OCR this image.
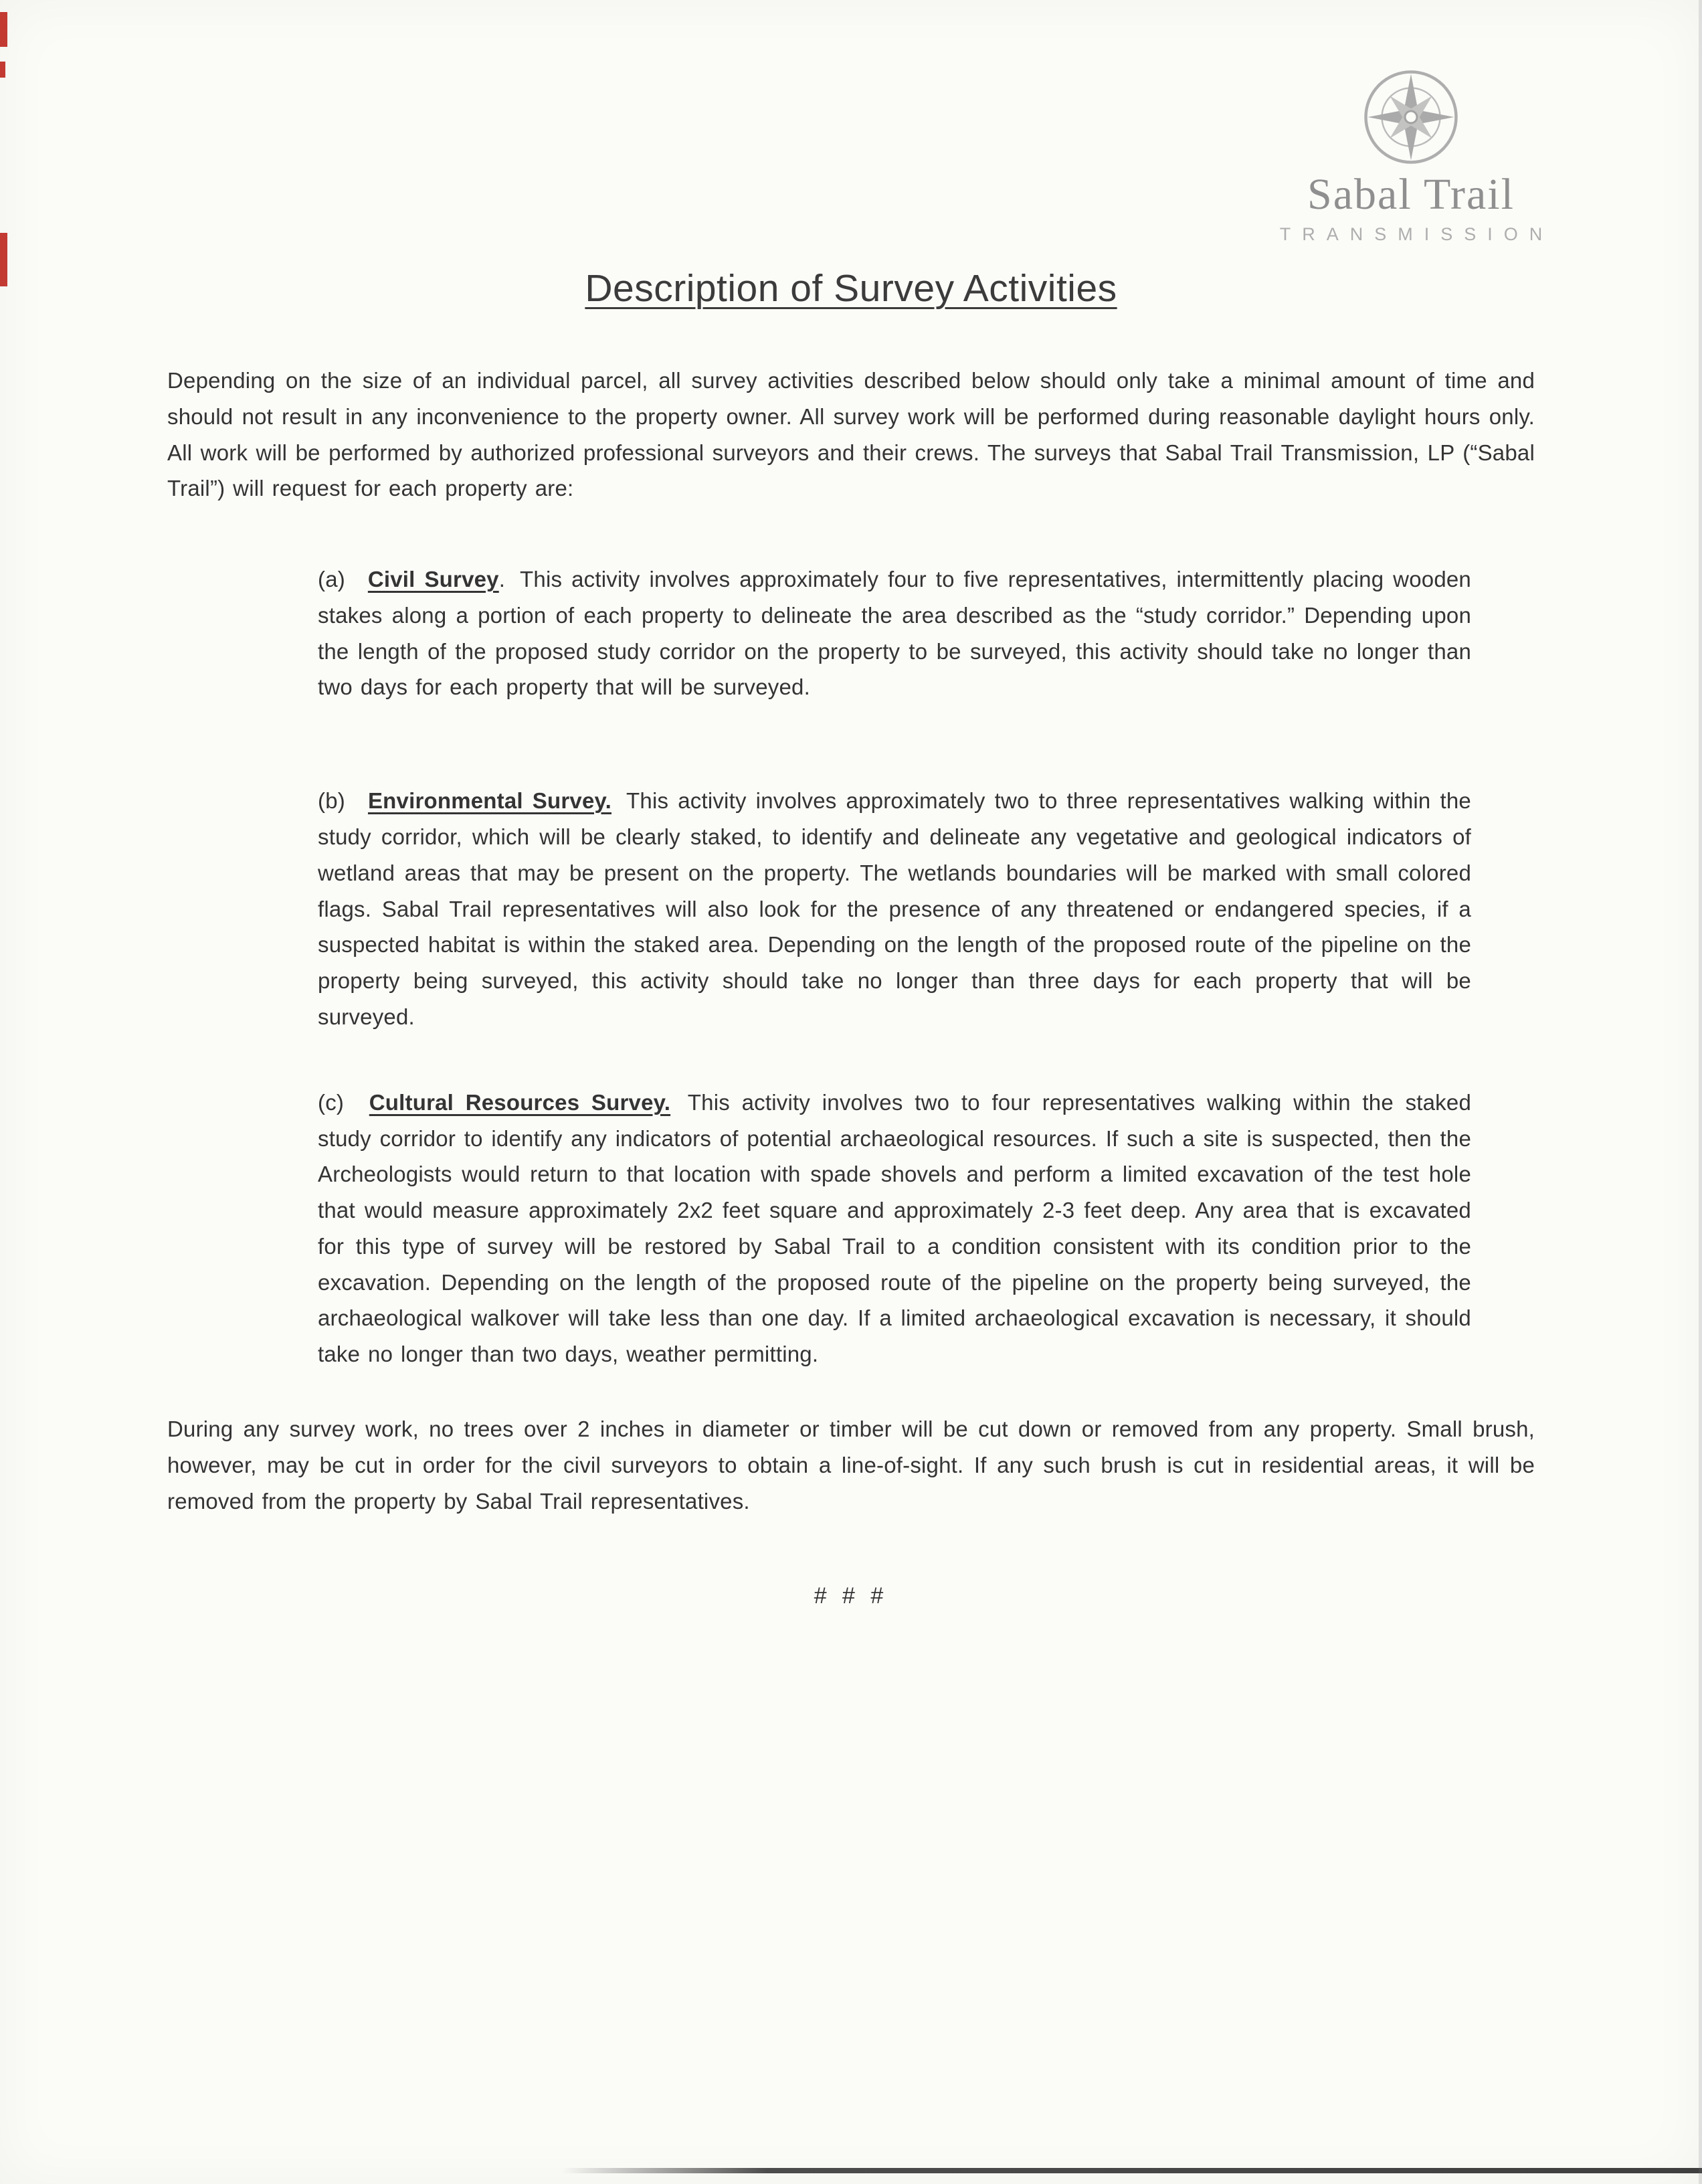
Sabal Trail
TRANSMISSION
Description of Survey Activities

Depending on the size of an individual parcel, all survey activities described below should only take a minimal amount of time and should not result in any inconvenience to the property owner. All survey work will be performed during reasonable daylight hours only. All work will be performed by authorized professional surveyors and their crews. The surveys that Sabal Trail Transmission, LP (“Sabal Trail”) will request for each property are:

(a) Civil Survey. This activity involves approximately four to five representatives, intermittently placing wooden stakes along a portion of each property to delineate the area described as the “study corridor.” Depending upon the length of the proposed study corridor on the property to be surveyed, this activity should take no longer than two days for each property that will be surveyed.

(b) Environmental Survey. This activity involves approximately two to three representatives walking within the study corridor, which will be clearly staked, to identify and delineate any vegetative and geological indicators of wetland areas that may be present on the property. The wetlands boundaries will be marked with small colored flags. Sabal Trail representatives will also look for the presence of any threatened or endangered species, if a suspected habitat is within the staked area. Depending on the length of the proposed route of the pipeline on the property being surveyed, this activity should take no longer than three days for each property that will be surveyed.

(c) Cultural Resources Survey. This activity involves two to four representatives walking within the staked study corridor to identify any indicators of potential archaeological resources. If such a site is suspected, then the Archeologists would return to that location with spade shovels and perform a limited excavation of the test hole that would measure approximately 2x2 feet square and approximately 2-3 feet deep. Any area that is excavated for this type of survey will be restored by Sabal Trail to a condition consistent with its condition prior to the excavation. Depending on the length of the proposed route of the pipeline on the property being surveyed, the archaeological walkover will take less than one day. If a limited archaeological excavation is necessary, it should take no longer than two days, weather permitting.

During any survey work, no trees over 2 inches in diameter or timber will be cut down or removed from any property. Small brush, however, may be cut in order for the civil surveyors to obtain a line-of-sight. If any such brush is cut in residential areas, it will be removed from the property by Sabal Trail representatives.

# # #
